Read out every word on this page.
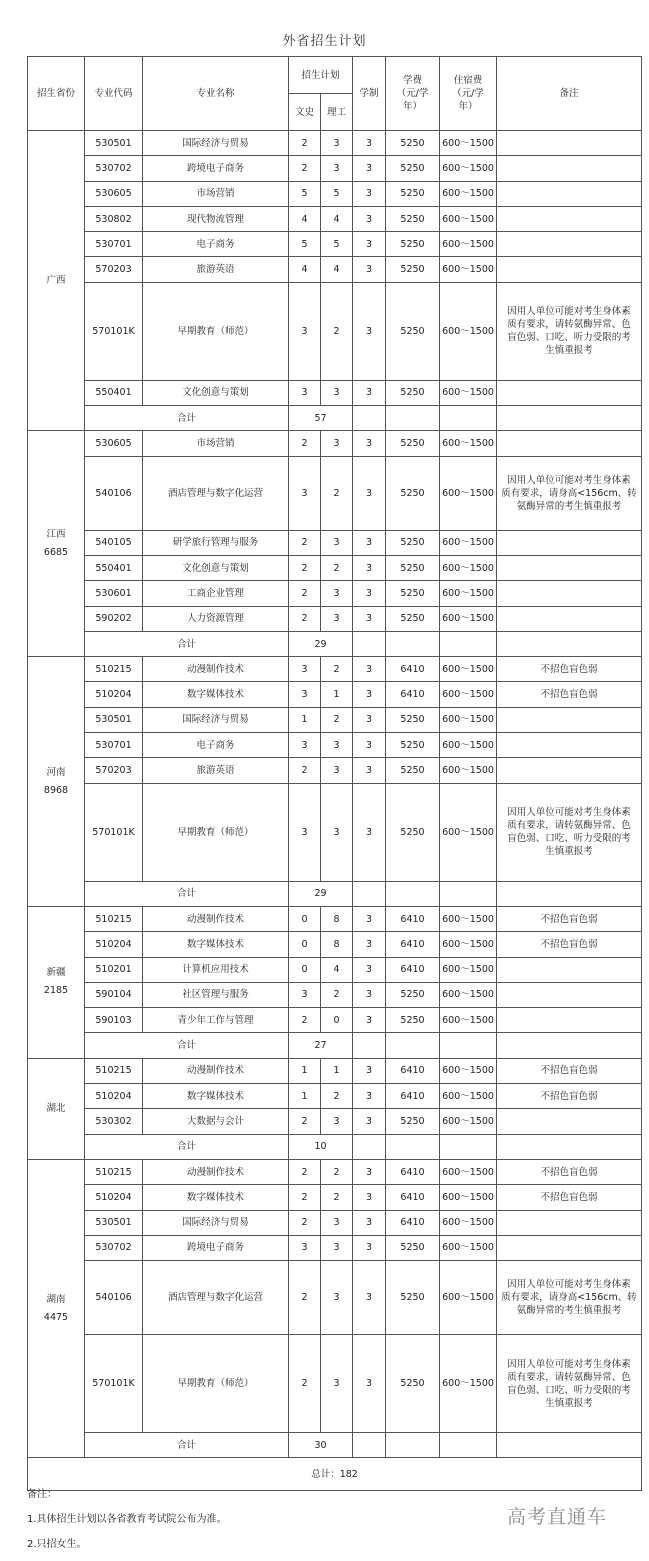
外省招生计划
招生省份	专业代码	专业名称	招生计划		学制	学费
（元/学
年）	住宿费
（元/学
年）	备注
			文史	理工				

广西	530501	国际经济与贸易	2	3	3	5250	600～1500	
	530702	跨境电子商务	2	3	3	5250	600～1500	
	530605	市场营销	5	5	3	5250	600～1500	
	530802	现代物流管理	4	4	3	5250	600～1500	
	530701	电子商务	5	5	3	5250	600～1500	
	570203	旅游英语	4	4	3	5250	600～1500	
	570101K	早期教育（师范）	3	2	3	5250	600～1500	因用人单位可能对考生身体素
质有要求，请转氨酶异常、色
盲色弱、口吃、听力受限的考
生慎重报考

	550401	文化创意与策划	3	3	3	5250	600～1500	
	合计		57					

江西
6685	530605	市场营销	2	3	3	5250	600～1500	
	540106	酒店管理与数字化运营	3	2	3	5250	600～1500	因用人单位可能对考生身体素
质有要求，请身高<156cm、转
氨酶异常的考生慎重报考

	540105	研学旅行管理与服务	2	3	3	5250	600～1500	
	550401	文化创意与策划	2	2	3	5250	600～1500	
	530601	工商企业管理	2	3	3	5250	600～1500	
	590202	人力资源管理	2	3	3	5250	600～1500	
	合计		29					

河南
8968	510215	动漫制作技术	3	2	3	6410	600～1500	不招色盲色弱
	510204	数字媒体技术	3	1	3	6410	600～1500	不招色盲色弱
	530501	国际经济与贸易	1	2	3	5250	600～1500	
	530701	电子商务	3	3	3	5250	600～1500	
	570203	旅游英语	2	3	3	5250	600～1500	
	570101K	早期教育（师范）	3	3	3	5250	600～1500	因用人单位可能对考生身体素
质有要求，请转氨酶异常、色
盲色弱、口吃、听力受限的考
生慎重报考

	合计		29					

新疆
2185	510215	动漫制作技术	0	8	3	6410	600～1500	不招色盲色弱
	510204	数字媒体技术	0	8	3	6410	600～1500	不招色盲色弱
	510201	计算机应用技术	0	4	3	6410	600～1500	
	590104	社区管理与服务	3	2	3	5250	600～1500	
	590103	青少年工作与管理	2	0	3	5250	600～1500	
	合计		27					

湖北	510215	动漫制作技术	1	1	3	6410	600～1500	不招色盲色弱
	510204	数字媒体技术	1	2	3	6410	600～1500	不招色盲色弱
	530302	大数据与会计	2	3	3	5250	600～1500	
	合计		10					

湖南
4475	510215	动漫制作技术	2	2	3	6410	600～1500	不招色盲色弱
	510204	数字媒体技术	2	2	3	6410	600～1500	不招色盲色弱
	530501	国际经济与贸易	2	3	3	6410	600～1500	
	530702	跨境电子商务	3	3	3	5250	600～1500	
	540106	酒店管理与数字化运营	2	3	3	5250	600～1500	因用人单位可能对考生身体素
质有要求，请身高<156cm、转
氨酶异常的考生慎重报考

	570101K	早期教育（师范）	2	3	3	5250	600～1500	因用人单位可能对考生身体素
质有要求，请转氨酶异常、色
盲色弱、口吃、听力受限的考
生慎重报考

	合计		30					
总计：182								
备注：
1.具体招生计划以各省教育考试院公布为准。
2.只招女生。
高考直通车
